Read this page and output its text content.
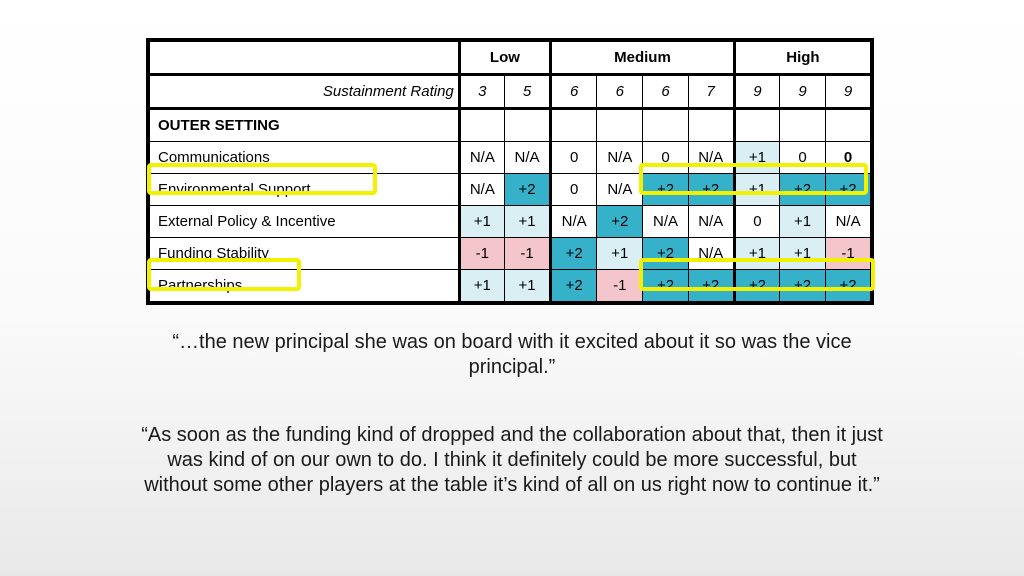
	Low		Medium				High		
Sustainment Rating	3	5	6	6	6	7	9	9	9
OUTER SETTING									
Communications	N/A	N/A	0	N/A	0	N/A	+1	0	0
Environmental Support	N/A	+2	0	N/A	+2	+2	+1	+2	+2
External Policy & Incentive	+1	+1	N/A	+2	N/A	N/A	0	+1	N/A
Funding Stability	-1	-1	+2	+1	+2	N/A	+1	+1	-1
Partnerships	+1	+1	+2	-1	+2	+2	+2	+2	+2
“…the new principal she was on board with it excited about it so was the vice principal.”
“As soon as the funding kind of dropped and the collaboration about that, then it just was kind of on our own to do. I think it definitely could be more successful, but without some other players at the table it’s kind of all on us right now to continue it.”
